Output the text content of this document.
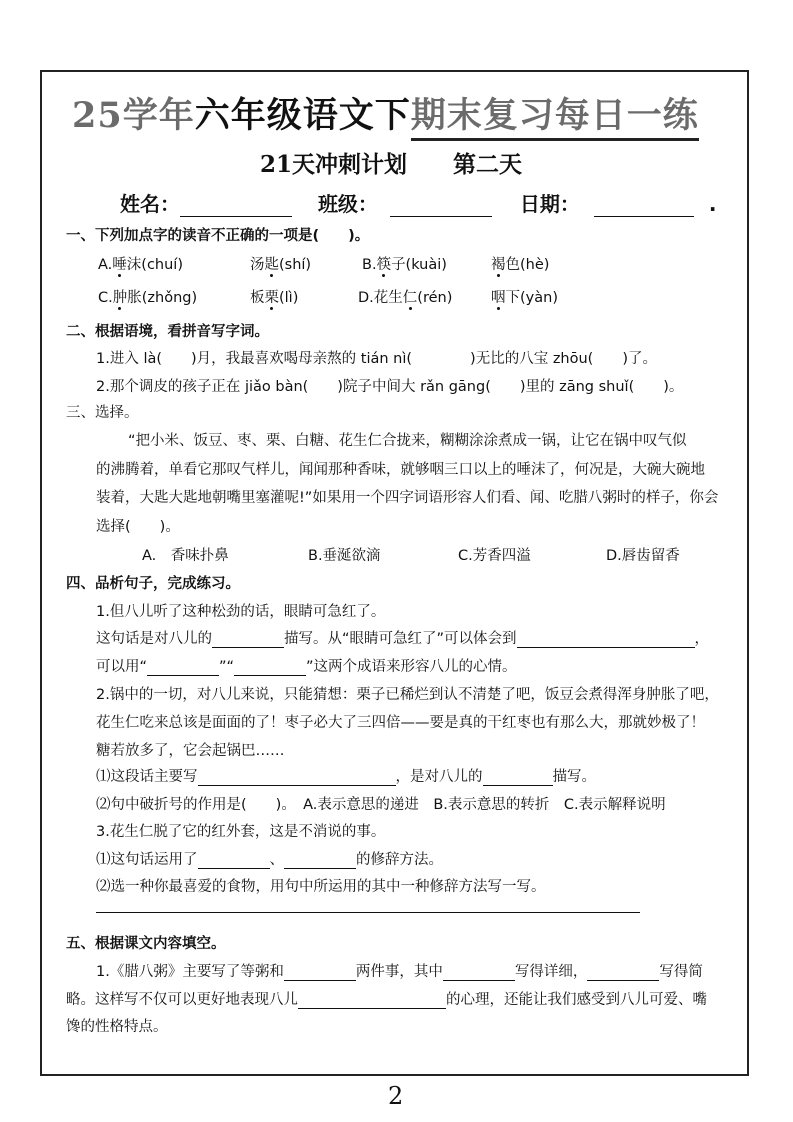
25学年六年级语文下期末复习每日一练
21天冲刺计划 第二天
姓名：	班级：	日期：	.
一、下列加点字的读音不正确的一项是(　　)。
A.唾沫(chuí)	汤匙(shí)	B.筷子(kuài)	褐色(hè)
C.肿胀(zhǒng)	板栗(lì)	D.花生仁(rén)	咽下(yàn)
二、根据语境，看拼音写字词。
1.进入 là(　　)月，我最喜欢喝母亲熬的 tián nì(　　　　)无比的八宝 zhōu(　　)了。
2.那个调皮的孩子正在 jiǎo bàn(　　)院子中间大 rǎn gāng(　　)里的 zāng shuǐ(　　)。
三、选择。
“把小米、饭豆、枣、栗、白糖、花生仁合拢来，糊糊涂涂煮成一锅，让它在锅中叹气似
的沸腾着，单看它那叹气样儿，闻闻那种香味，就够咽三口以上的唾沫了，何况是，大碗大碗地
装着，大匙大匙地朝嘴里塞灌呢!”如果用一个四字词语形容人们看、闻、吃腊八粥时的样子，你会
选择(　　)。
A.　香味扑鼻	B.垂涎欲滴	C.芳香四溢	D.唇齿留香
四、品析句子，完成练习。
1.但八儿听了这种松劲的话，眼睛可急红了。
这句话是对八儿的	描写。从“眼睛可急红了”可以体会到	，
可以用“	”“	”这两个成语来形容八儿的心情。
2.锅中的一切，对八儿来说，只能猜想：栗子已稀烂到认不清楚了吧，饭豆会煮得浑身肿胀了吧，
花生仁吃来总该是面面的了！枣子必大了三四倍——要是真的干红枣也有那么大，那就妙极了！
糖若放多了，它会起锅巴……
⑴这段话主要写	，是对八儿的	描写。
⑵句中破折号的作用是(　　)。　A.表示意思的递进　B.表示意思的转折　C.表示解释说明
3.花生仁脱了它的红外套，这是不消说的事。
⑴这句话运用了	、	的修辞方法。
⑵选一种你最喜爱的食物，用句中所运用的其中一种修辞方法写一写。
五、根据课文内容填空。
1.《腊八粥》主要写了等粥和	两件事，其中	写得详细，	写得简
略。这样写不仅可以更好地表现八儿	的心理，还能让我们感受到八儿可爱、嘴
馋的性格特点。
2
